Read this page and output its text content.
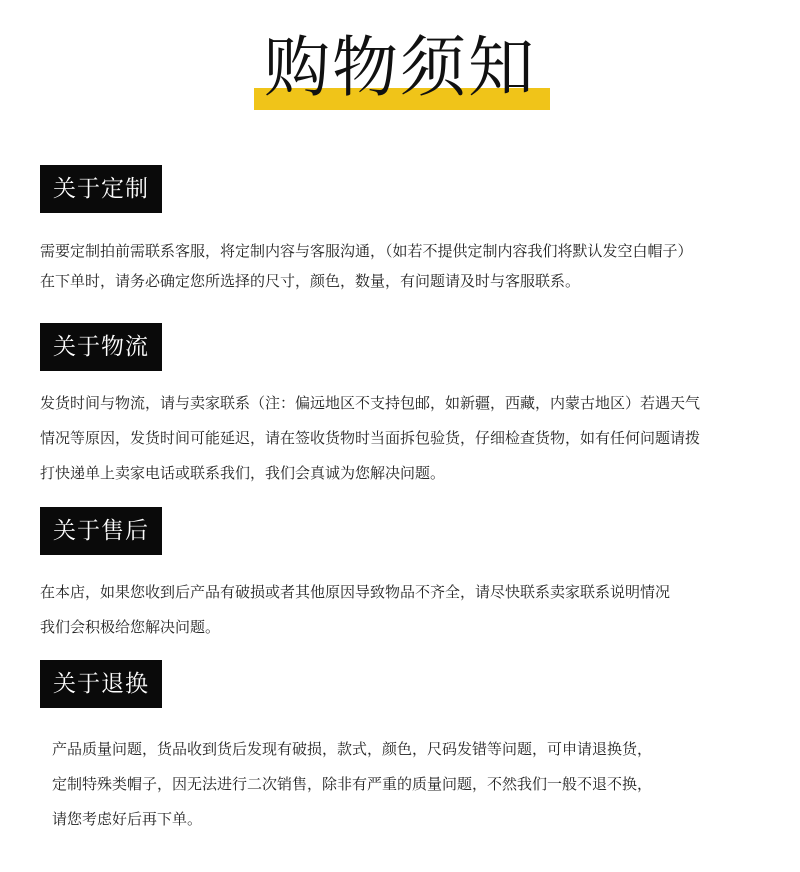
购物须知
关于定制
需要定制拍前需联系客服，将定制内容与客服沟通，（如若不提供定制内容我们将默认发空白帽子）
在下单时，请务必确定您所选择的尺寸，颜色，数量，有问题请及时与客服联系。
关于物流
发货时间与物流，请与卖家联系（注：偏远地区不支持包邮，如新疆，西藏，内蒙古地区）若遇天气
情况等原因，发货时间可能延迟，请在签收货物时当面拆包验货，仔细检查货物，如有任何问题请拨
打快递单上卖家电话或联系我们，我们会真诚为您解决问题。
关于售后
在本店，如果您收到后产品有破损或者其他原因导致物品不齐全，请尽快联系卖家联系说明情况
我们会积极给您解决问题。
关于退换
产品质量问题，货品收到货后发现有破损，款式，颜色，尺码发错等问题，可申请退换货，
定制特殊类帽子，因无法进行二次销售，除非有严重的质量问题，不然我们一般不退不换，
请您考虑好后再下单。
